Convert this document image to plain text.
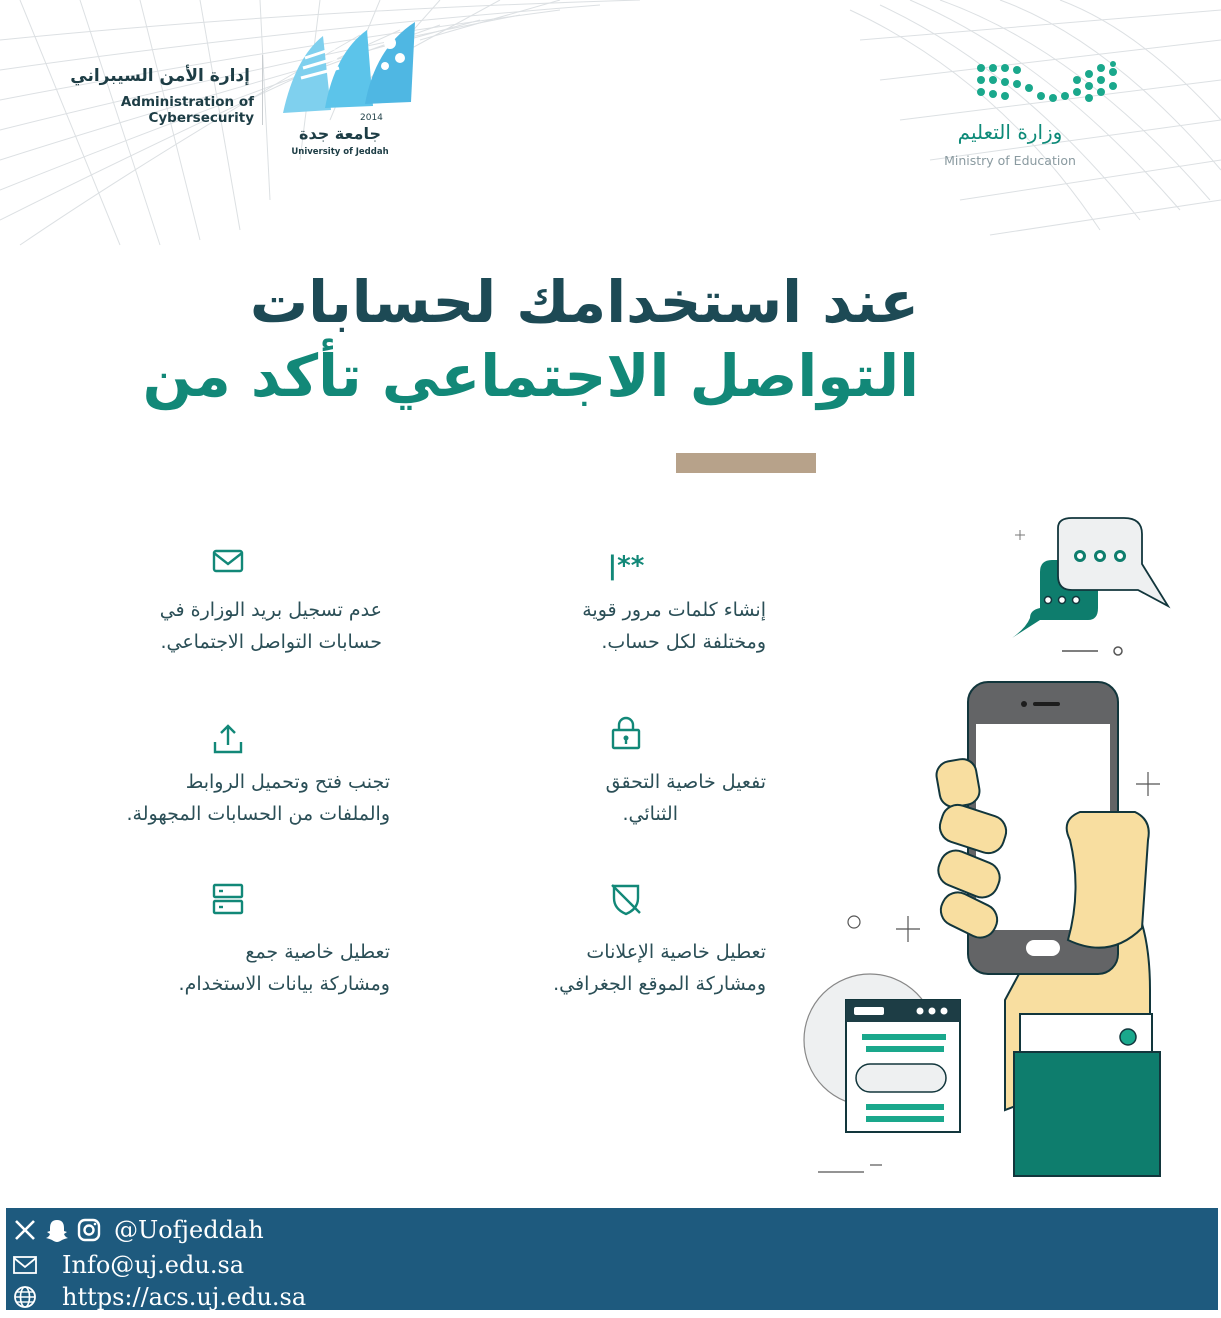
إدارة الأمن السيبراني
Administration of Cybersecurity	2014
جامعة جدة
University of Jeddah
وزارة التعليم
Ministry of Education
عند استخدامك لحسابات
التواصل الاجتماعي تأكد من
|**
إنشاء كلمات مرور قوية
ومختلفة لكل حساب.
عدم تسجيل بريد الوزارة في
حسابات التواصل الاجتماعي.
تفعيل خاصية التحقق
الثنائي.
تجنب فتح وتحميل الروابط
والملفات من الحسابات المجهولة.
تعطيل خاصية الإعلانات
ومشاركة الموقع الجغرافي.
تعطيل خاصية جمع
ومشاركة بيانات الاستخدام.
@Uofjeddah
Info@uj.edu.sa
https://acs.uj.edu.sa
